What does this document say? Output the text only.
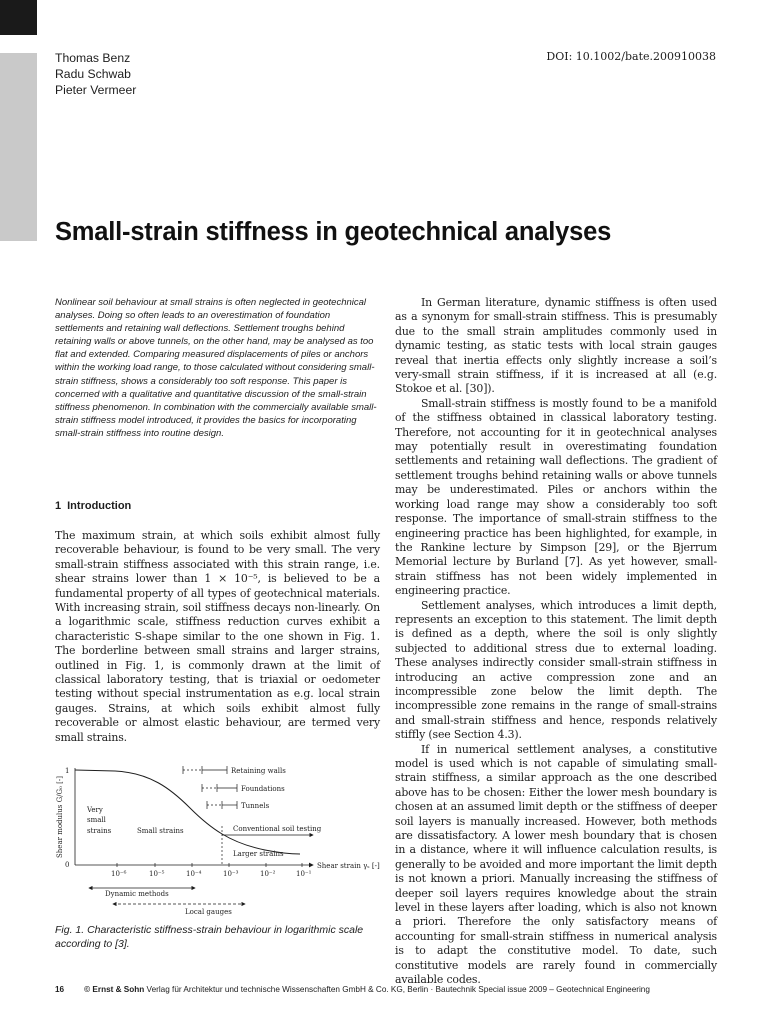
Thomas Benz
Radu Schwab
Pieter Vermeer
DOI: 10.1002/bate.200910038
Small-strain stiffness in geotechnical analyses

Nonlinear soil behaviour at small strains is often neglected in geotechnical analyses. Doing so often leads to an overestimation of foundation settlements and retaining wall deflections. Settlement troughs behind retaining walls or above tunnels, on the other hand, may be analysed as too flat and extended. Comparing measured displacements of piles or anchors within the working load range, to those calculated without considering small-strain stiffness, shows a considerably too soft response. This paper is concerned with a qualitative and quantitative discussion of the small-strain stiffness phenomenon. In combination with the commercially available small-strain stiffness model introduced, it provides the basics for incorporating small-strain stiffness into routine design.

1 Introduction

The maximum strain, at which soils exhibit almost fully recoverable behaviour, is found to be very small. The very small-strain stiffness associated with this strain range, i.e. shear strains lower than 1 × 10⁻⁵, is believed to be a fundamental property of all types of geotechnical materials. With increasing strain, soil stiffness decays non-linearly. On a logarithmic scale, stiffness reduction curves exhibit a characteristic S-shape similar to the one shown in Fig. 1. The borderline between small strains and larger strains, outlined in Fig. 1, is commonly drawn at the limit of classical laboratory testing, that is triaxial or oedometer testing without special instrumentation as e.g. local strain gauges. Strains, at which soils exhibit almost fully recoverable or almost elastic behaviour, are termed very small strains.

In German literature, dynamic stiffness is often used as a synonym for small-strain stiffness. This is presumably due to the small strain amplitudes commonly used in dynamic testing, as static tests with local strain gauges reveal that inertia effects only slightly increase a soil’s very-small strain stiffness, if it is increased at all (e.g. Stokoe et al. [30]).

Small-strain stiffness is mostly found to be a manifold of the stiffness obtained in classical laboratory testing. Therefore, not accounting for it in geotechnical analyses may potentially result in overestimating foundation settlements and retaining wall deflections. The gradient of settlement troughs behind retaining walls or above tunnels may be underestimated. Piles or anchors within the working load range may show a considerably too soft response. The importance of small-strain stiffness to the engineering practice has been highlighted, for example, in the Rankine lecture by Simpson [29], or the Bjerrum Memorial lecture by Burland [7]. As yet however, small-strain stiffness has not been widely implemented in engineering practice.

Settlement analyses, which introduces a limit depth, represents an exception to this statement. The limit depth is defined as a depth, where the soil is only slightly subjected to additional stress due to external loading. These analyses indirectly consider small-strain stiffness in introducing an active compression zone and an incompressible zone below the limit depth. The incompressible zone remains in the range of small-strains and small-strain stiffness and hence, responds relatively stiffly (see Section 4.3).

If in numerical settlement analyses, a constitutive model is used which is not capable of simulating small-strain stiffness, a similar approach as the one described above has to be chosen: Either the lower mesh boundary is chosen at an assumed limit depth or the stiffness of deeper soil layers is manually increased. However, both methods are dissatisfactory. A lower mesh boundary that is chosen in a distance, where it will influence calculation results, is generally to be avoided and more important the limit depth is not known a priori. Manually increasing the stiffness of deeper soil layers requires knowledge about the strain level in these layers after loading, which is also not known a priori. Therefore the only satisfactory means of accounting for small-strain stiffness in numerical analysis is to adapt the constitutive model. To date, such constitutive models are rarely found in commercially available codes.

1
0
Shear modulus G/G₀ [-]
Shear strain γₛ [-]
10⁻⁶	10⁻⁵	10⁻⁴	10⁻³	10⁻²	10⁻¹
Retaining walls
Foundations
Tunnels
Conventional soil testing
Very
small
strains	Small strains
Larger strains
Dynamic methods
Local gauges
Fig. 1. Characteristic stiffness-strain behaviour in logarithmic scale according to [3].
16 © Ernst & Sohn Verlag für Architektur und technische Wissenschaften GmbH & Co. KG, Berlin · Bautechnik Special issue 2009 – Geotechnical Engineering
